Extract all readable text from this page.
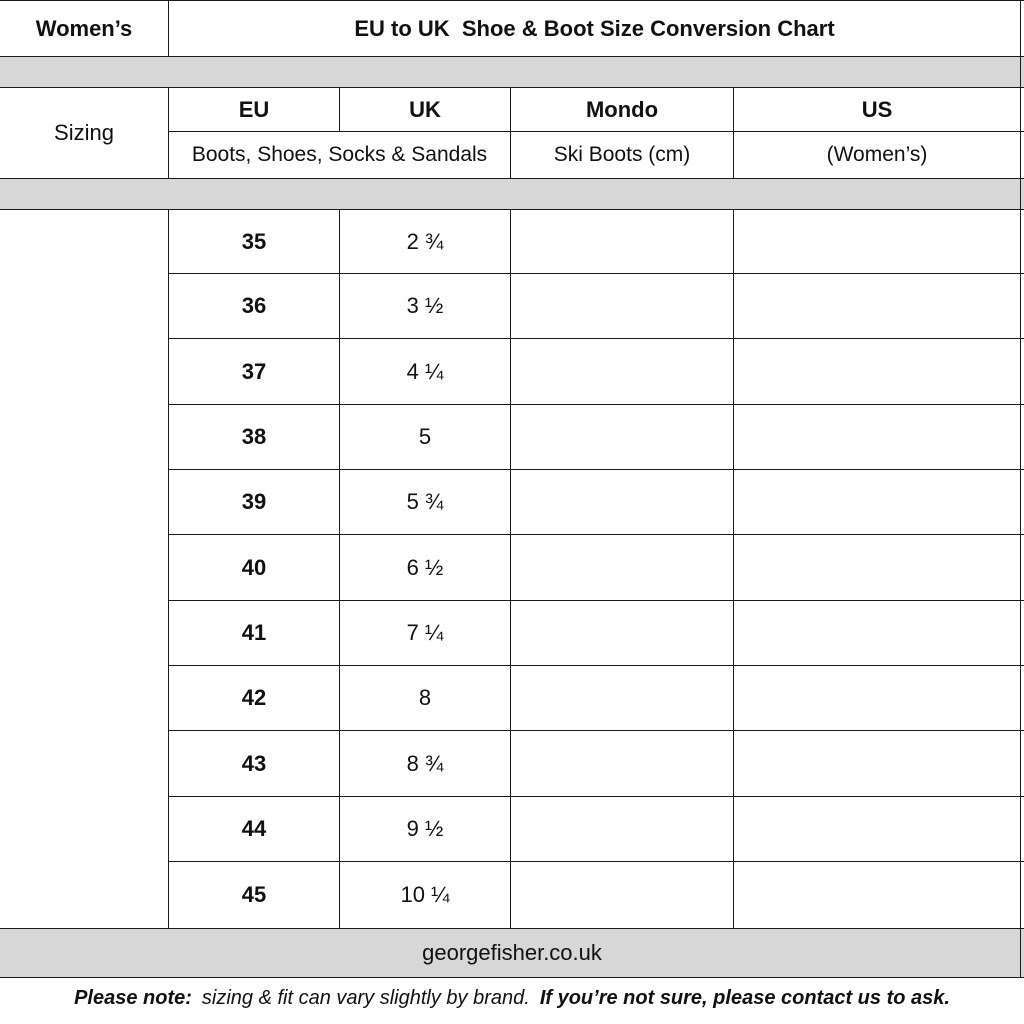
Women’s	EU to UK  Shoe & Boot Size Conversion Chart
Sizing
EU	UK	Mondo	US
Boots, Shoes, Socks & Sandals	Ski Boots (cm)	(Women’s)
35	2 ¾
36	3 ½
37	4 ¼
38	5
39	5 ¾
40	6 ½
41	7 ¼
42	8
43	8 ¾
44	9 ½
45	10 ¼
georgefisher.co.uk
Please note: sizing & fit can vary slightly by brand. If you’re not sure, please contact us to ask.
